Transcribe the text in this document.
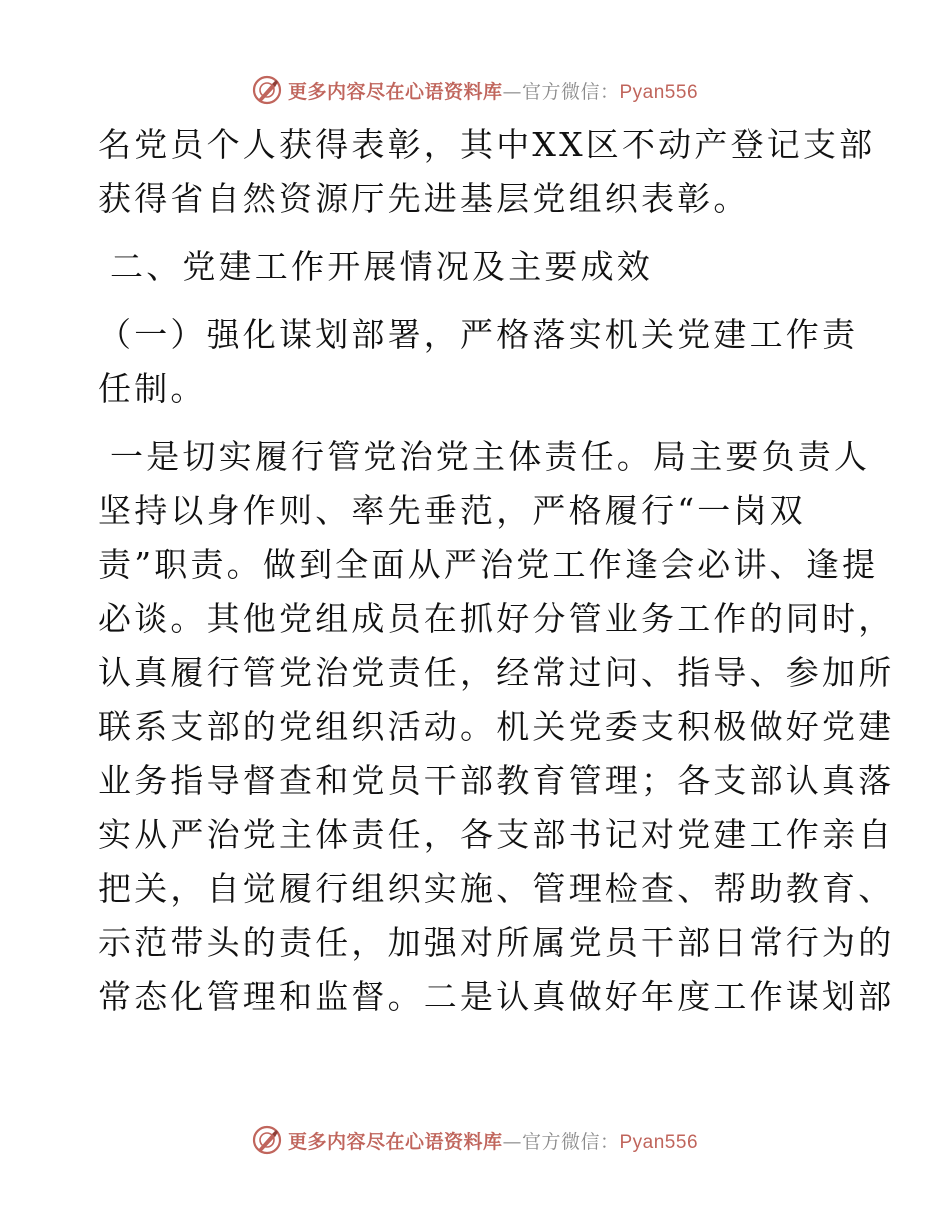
更多内容尽在心语资料库—官方微信：Pyan556
名党员个人获得表彰，其中XX区不动产登记支部
获得省自然资源厅先进基层党组织表彰。
二、党建工作开展情况及主要成效
（一）强化谋划部署，严格落实机关党建工作责
任制。
一是切实履行管党治党主体责任。局主要负责人
坚持以身作则、率先垂范，严格履行“一岗双
责”职责。做到全面从严治党工作逢会必讲、逢提
必谈。其他党组成员在抓好分管业务工作的同时，
认真履行管党治党责任，经常过问、指导、参加所
联系支部的党组织活动。机关党委支积极做好党建
业务指导督查和党员干部教育管理；各支部认真落
实从严治党主体责任，各支部书记对党建工作亲自
把关，自觉履行组织实施、管理检查、帮助教育、
示范带头的责任，加强对所属党员干部日常行为的
常态化管理和监督。二是认真做好年度工作谋划部
更多内容尽在心语资料库—官方微信：Pyan556
